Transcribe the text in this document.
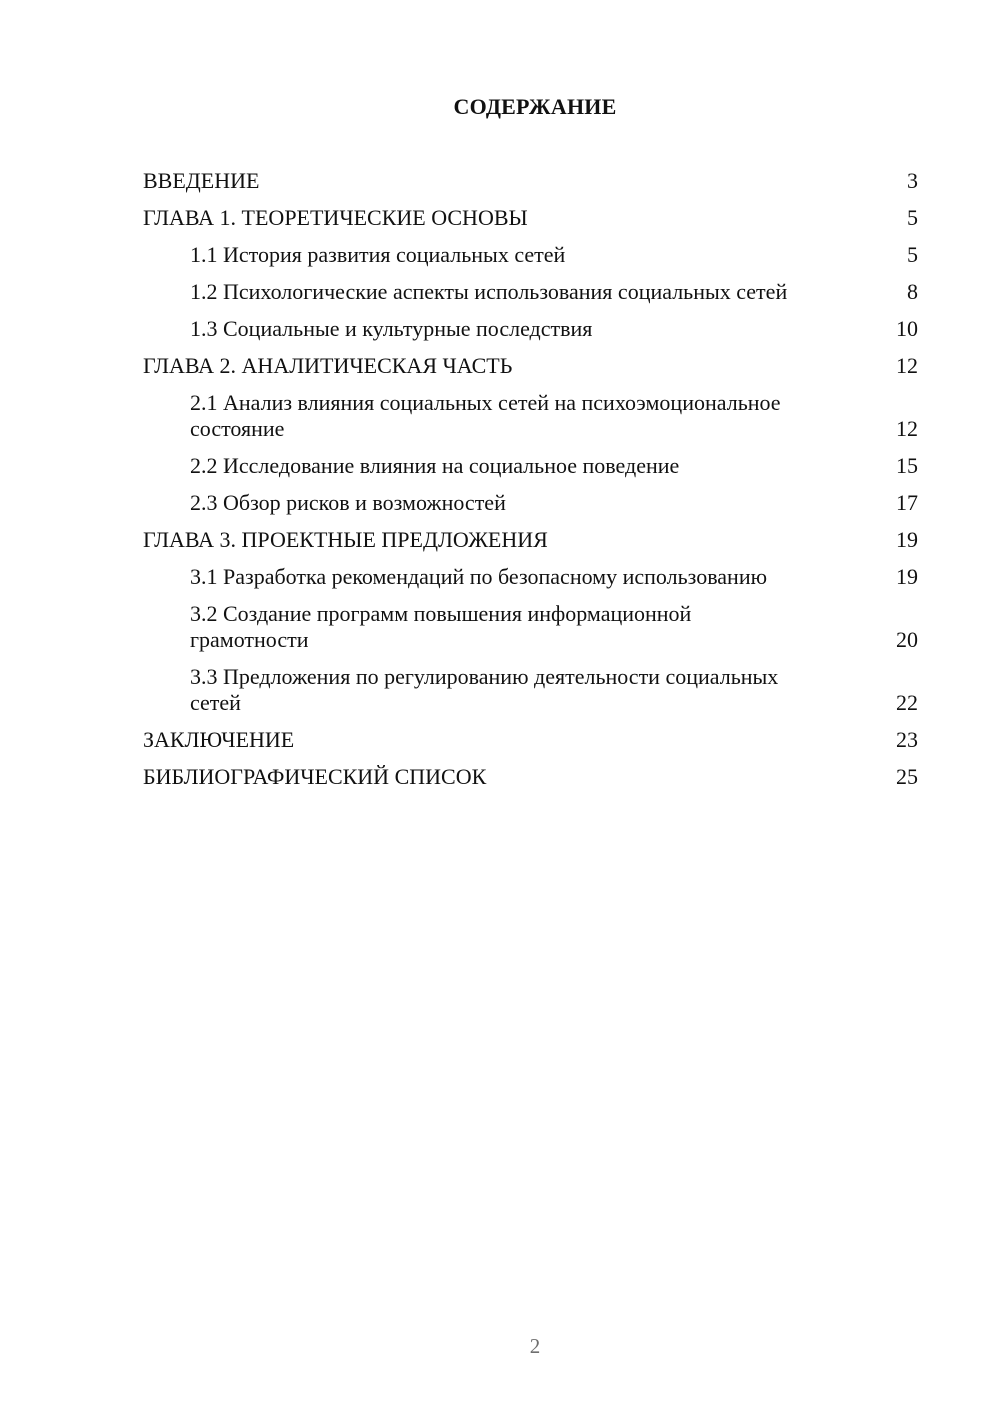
СОДЕРЖАНИЕ
ВВЕДЕНИЕ	3
ГЛАВА 1. ТЕОРЕТИЧЕСКИЕ ОСНОВЫ	5
1.1 История развития социальных сетей	5
1.2 Психологические аспекты использования социальных сетей	8
1.3 Социальные и культурные последствия	10
ГЛАВА 2. АНАЛИТИЧЕСКАЯ ЧАСТЬ	12
2.1 Анализ влияния социальных сетей на психоэмоциональное состояние	12
2.2 Исследование влияния на социальное поведение	15
2.3 Обзор рисков и возможностей	17
ГЛАВА 3. ПРОЕКТНЫЕ ПРЕДЛОЖЕНИЯ	19
3.1 Разработка рекомендаций по безопасному использованию	19
3.2 Создание программ повышения информационной грамотности	20
3.3 Предложения по регулированию деятельности социальных сетей	22
ЗАКЛЮЧЕНИЕ	23
БИБЛИОГРАФИЧЕСКИЙ СПИСОК	25
2
